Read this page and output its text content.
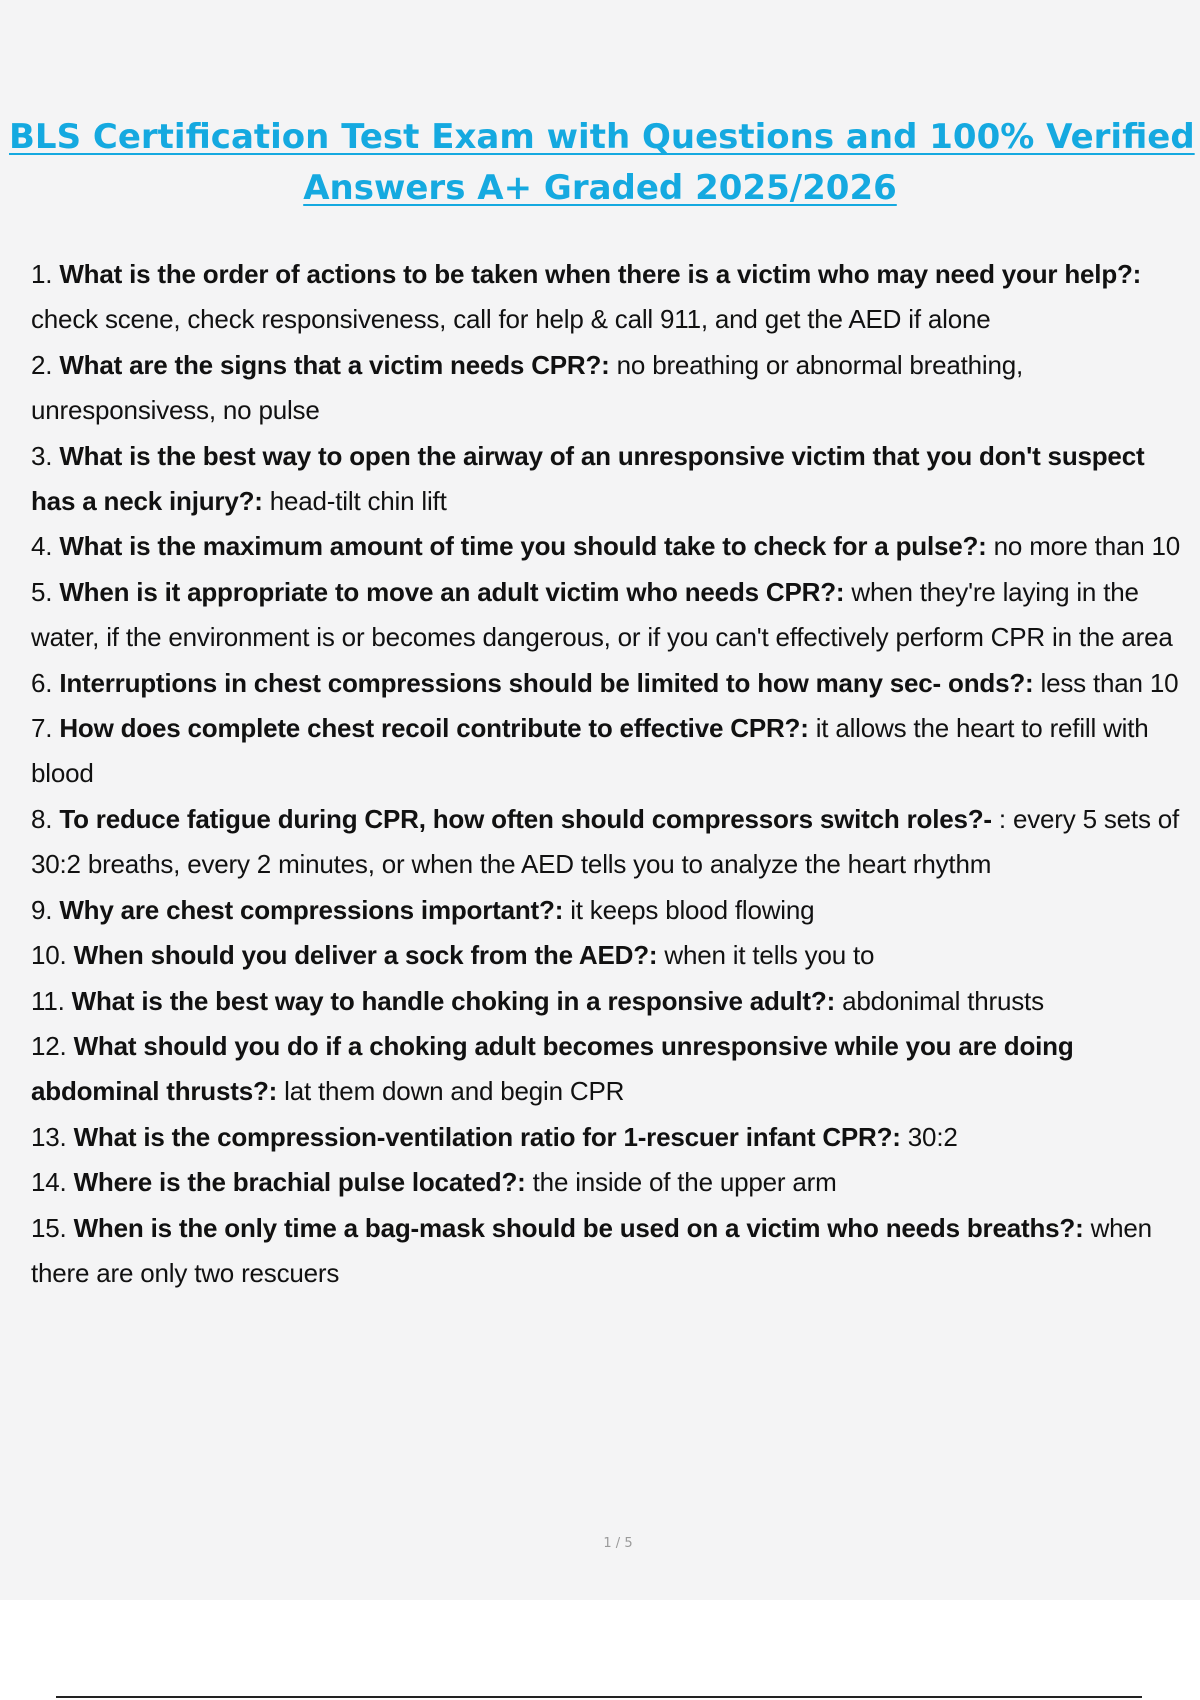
BLS Certification Test Exam with Questions and 100% Verified
Answers A+ Graded 2025/2026
1. What is the order of actions to be taken when there is a victim who may need your help?: check scene, check responsiveness, call for help & call 911, and get the AED if alone
2. What are the signs that a victim needs CPR?: no breathing or abnormal breathing, unresponsivess, no pulse
3. What is the best way to open the airway of an unresponsive victim that you don't suspect has a neck injury?: head-tilt chin lift
4. What is the maximum amount of time you should take to check for a pulse?: no more than 10
5. When is it appropriate to move an adult victim who needs CPR?: when they're laying in the water, if the environment is or becomes dangerous, or if you can't effectively perform CPR in the area
6. Interruptions in chest compressions should be limited to how many sec- onds?: less than 10
7. How does complete chest recoil contribute to effective CPR?: it allows the heart to refill with blood
8. To reduce fatigue during CPR, how often should compressors switch roles?- : every 5 sets of 30:2 breaths, every 2 minutes, or when the AED tells you to analyze the heart rhythm
9. Why are chest compressions important?: it keeps blood flowing
10. When should you deliver a sock from the AED?: when it tells you to
11. What is the best way to handle choking in a responsive adult?: abdonimal thrusts
12. What should you do if a choking adult becomes unresponsive while you are doing abdominal thrusts?: lat them down and begin CPR
13. What is the compression-ventilation ratio for 1-rescuer infant CPR?: 30:2
14. Where is the brachial pulse located?: the inside of the upper arm
15. When is the only time a bag-mask should be used on a victim who needs breaths?: when there are only two rescuers
1 / 5
